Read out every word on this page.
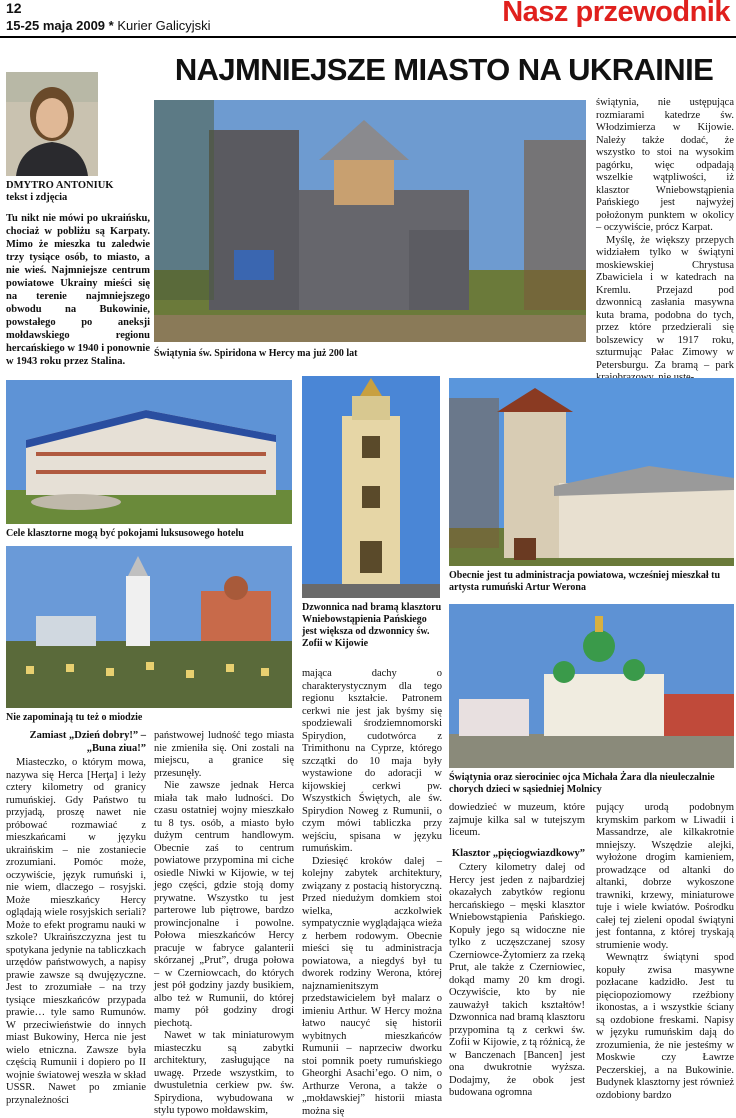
12
15-25 maja 2009 * Kurier Galicyjski	Nasz przewodnik
NAJMNIEJSZE MIASTO NA UKRAINIE
DMYTRO ANTONIUK
tekst i zdjęcia
Tu nikt nie mówi po ukraińsku, chociaż w pobliżu są Karpaty. Mimo że mieszka tu zaledwie trzy tysiące osób, to miasto, a nie wieś. Najmniejsze centrum powiatowe Ukrainy mieści się na terenie najmniejszego obwodu na Bukowinie, powstałego po aneksji mołdawskiego regionu hercańskiego w 1940 i ponownie w 1943 roku przez Stalina.
Świątynia św. Spiridona w Hercy ma już 200 lat

świątynia, nie ustępująca rozmiarami katedrze św. Włodzimierza w Kijowie. Należy także dodać, że wszystko to stoi na wysokim pagórku, więc odpadają wszelkie wątpliwości, iż klasztor Wniebowstąpienia Pańskiego jest najwyżej położonym punktem w okolicy – oczywiście, prócz Karpat.

Myślę, że większy przepych widziałem tylko w świątyni moskiewskiej Chrystusa Zbawiciela i w katedrach na Kremlu. Przejazd pod dzwonnicą zasłania masywna kuta brama, podobna do tych, przez które przedzierali się bolszewicy w 1917 roku, szturmując Pałac Zimowy w Petersburgu. Za bramą – park

Cele klasztorne mogą być pokojami luksusowego hotelu
Dzwonnica nad bramą klasztoru Wniebowstąpienia Pańskiego jest większa od dzwonnicy św. Zofii w Kijowie
Obecnie jest tu administracja powiatowa, wcześniej mieszkał tu artysta rumuński Artur Werona
Nie zapominają tu też o miodzie
Świątynia oraz sierociniec ojca Michała Żara dla nieuleczalnie chorych dzieci w sąsiedniej Molnicy

Zamiast „Dzień dobry!” – „Buna ziua!”

Miasteczko, o którym mowa, nazywa się Herca [Herţa] i leży cztery kilometry od granicy rumuńskiej. Gdy Państwo tu przyjadą, proszę nawet nie próbować rozmawiać z mieszkańcami w języku ukraińskim – nie zostaniecie zrozumiani. Pomóc może, oczywiście, język rumuński i, nie wiem, dlaczego – rosyjski. Może mieszkańcy Hercy oglądają wiele rosyjskich seriali? Może to efekt programu nauki w szkole? Ukraińszczyzna jest tu spotykana jedynie na tabliczkach urzędów państwowych, a napisy prawie zawsze są dwujęzyczne. Jest to zrozumiałe – na trzy tysiące mieszkańców przypada prawie… tyle samo Rumunów. W przeciwieństwie do innych miast Bukowiny, Herca nie jest wielo etniczna. Zawsze była częścią Rumunii i dopiero po II wojnie światowej weszła w skład USSR. Nawet po zmianie przynależności

państwowej ludność tego miasta nie zmieniła się. Oni zostali na miejscu, a granice się przesunęły.

Nie zawsze jednak Herca miała tak mało ludności. Do czasu ostatniej wojny mieszkało tu 8 tys. osób, a miasto było dużym centrum handlowym. Obecnie zaś to centrum powiatowe przypomina mi ciche osiedle Niwki w Kijowie, w tej jego części, gdzie stoją domy prywatne. Wszystko tu jest parterowe lub piętrowe, bardzo prowincjonalne i powolne. Połowa mieszkańców Hercy pracuje w fabryce galanterii skórzanej „Prut”, druga połowa – w Czerniowcach, do których jest pół godziny jazdy busikiem, albo też w Rumunii, do której mamy pół godziny drogi piechotą.

Nawet w tak miniaturowym miasteczku są zabytki architektury, zasługujące na uwagę. Przede wszystkim, to dwustuletnia cerkiew pw. św. Spirydiona, wybudowana w stylu typowo mołdawskim,

mająca dachy o charakterystycznym dla tego regionu kształcie. Patronem cerkwi nie jest jak byśmy się spodziewali środziemnomorski Spirydion, cudotwórca z Trimithonu na Cyprze, którego szczątki do 10 maja były wystawione do adoracji w kijowskiej cerkwi pw. Wszystkich Świętych, ale św. Spirydion Noweg z Rumunii, o czym mówi tabliczka przy wejściu, spisana w języku rumuńskim.

Dziesięć kroków dalej – kolejny zabytek architektury, związany z postacią historyczną. Przed niedużym domkiem stoi wielka, aczkolwiek sympatycznie wyglądająca wieża z herbem rodowym. Obecnie mieści się tu administracja powiatowa, a niegdyś był tu dworek rodziny Werona, której najznamienitszym przedstawicielem był malarz o imieniu Arthur. W Hercy można łatwo naucyć się historii wybitnych mieszkańców Rumunii – naprzeciw dworku stoi pomnik poety rumuńskiego Gheorghi Asachi’ego. O nim, o Arthurze Veronа, a także o „mołdawskiej” historii miasta można się

dowiedzieć w muzeum, które zajmuje kilka sal w tutejszym liceum.

Klasztor „pięciogwiazdkowy”

Cztery kilometry dalej od Hercy jest jeden z najbardziej okazałych zabytków regionu hercańskiego – męski klasztor Wniebowstąpienia Pańskiego. Kopuły jego są widoczne nie tylko z uczęszczanej szosy Czerniowce-Żytomierz za rzeką Prut, ale także z Czerniowiec, dokąd mamy 20 km drogi. Oczywiście, kto by nie zauważył takich kształtów! Dzwonnica nad bramą klasztoru przypomina tą z cerkwi św. Zofii w Kijowie, z tą różnicą, że w Banczenach [Bancen] jest ona dwukrotnie wyższa. Dodajmy, że obok jest budowana ogromna

pującу urodą podobnym krymskim parkom w Liwadii i Massandrze, ale kilkakrotnie mniejszy. Wszędzie alejki, wyłożone drogim kamieniem, prowadzące od altanki do altanki, dobrze wykoszone trawniki, krzewy, miniaturowe tuje i wiele kwiatów. Pośrodku całej tej zieleni opodal świątyni jest fontanna, z której tryskają strumienie wody.

Wewnątrz świątyni spod kopuły zwisa masywne pozłacane kadzidło. Jest tu pięciopoziomowy rzeźbiony ikonostas, a i wszystkie ściany są ozdobione freskami. Napisy w języku rumuńskim dają do zrozumienia, że nie jesteśmy w Moskwie czy Ławrze Peczerskiej, a na Bukowinie. Budynek klasztorny jest również ozdobiony bardzo
